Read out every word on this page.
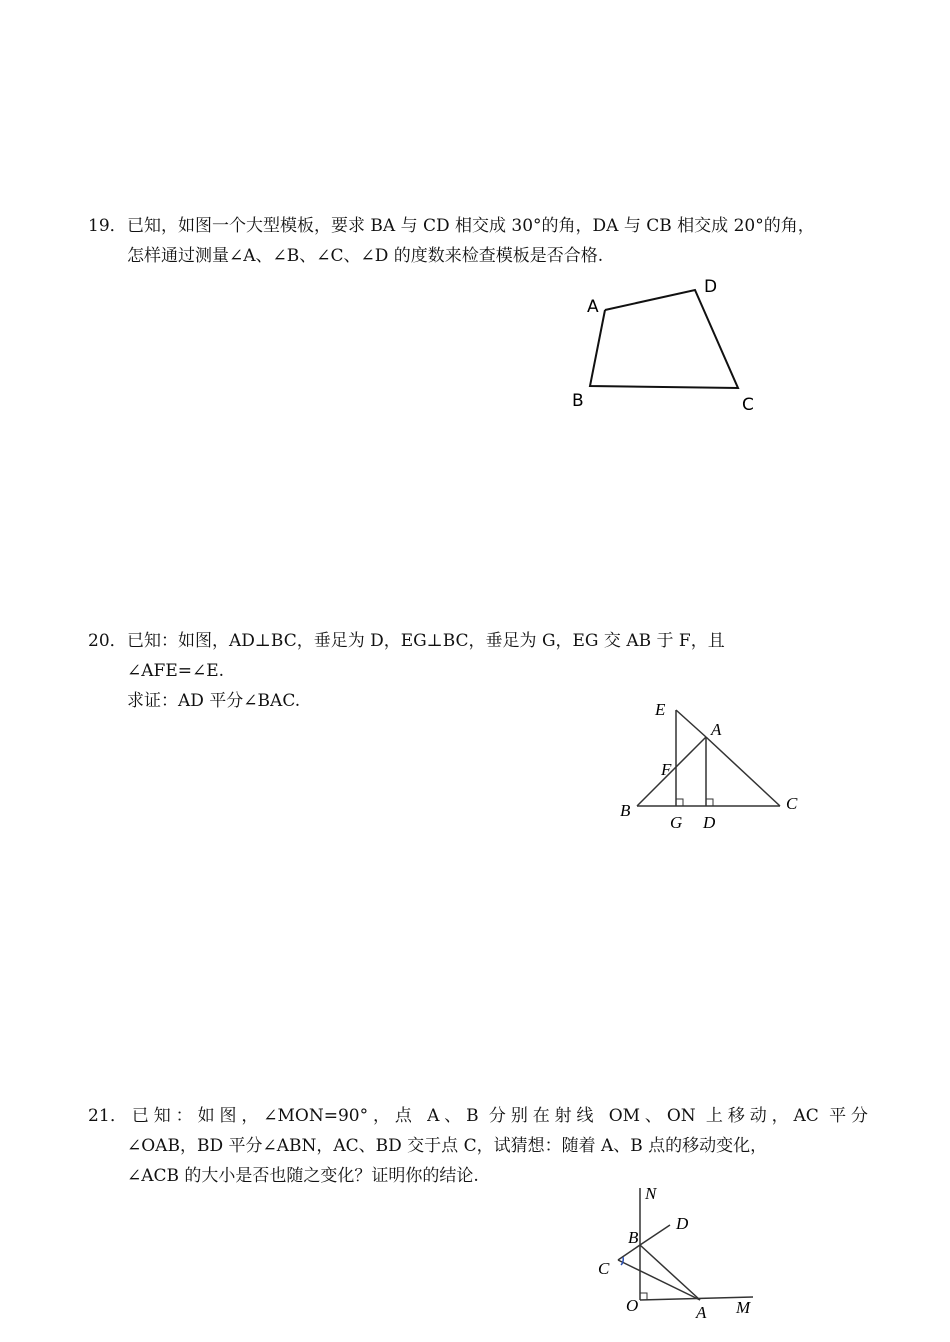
19．已知，如图一个大型模板，要求 BA 与 CD 相交成 30°的角，DA 与 CB 相交成 20°的角，
怎样通过测量∠A、∠B、∠C、∠D 的度数来检查模板是否合格.
A
D
B	C
20．已知：如图，AD⊥BC，垂足为 D，EG⊥BC，垂足为 G，EG 交 AB 于 F，且
∠AFE=∠E.
求证：AD 平分∠BAC.	E
A
F
B
G D
C
21．已知：如图，∠MON=90°，点 A、B 分别在射线 OM、ON 上移动，AC 平分
∠OAB，BD 平分∠ABN，AC、BD 交于点 C，试猜想：随着 A、B 点的移动变化，
∠ACB 的大小是否也随之变化？证明你的结论.
N
D
B
C
O	A M
